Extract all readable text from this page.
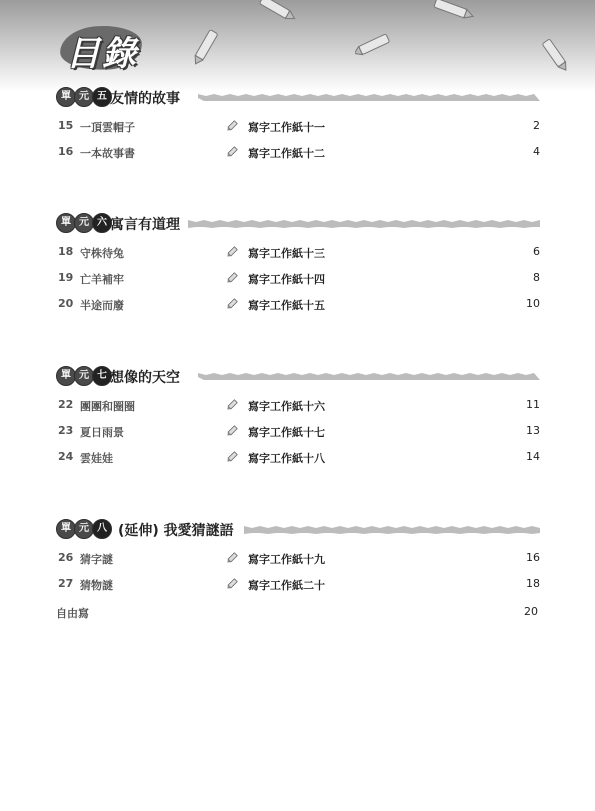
目錄
單 元 五 友情的故事
15 一頂雲帽子	寫字工作紙十一	2
16 一本故事書	寫字工作紙十二	4
單 元 六 寓言有道理
18 守株待兔	寫字工作紙十三	6
19 亡羊補牢	寫字工作紙十四	8
20 半途而廢	寫字工作紙十五	10
單 元 七 想像的天空
22 團團和圈圈	寫字工作紙十六	11
23 夏日雨景	寫字工作紙十七	13
24 雲娃娃	寫字工作紙十八	14
單 元 八 (延伸) 我愛猜謎語
26 猜字謎	寫字工作紙十九	16
27 猜物謎	寫字工作紙二十	18
自由寫	20
